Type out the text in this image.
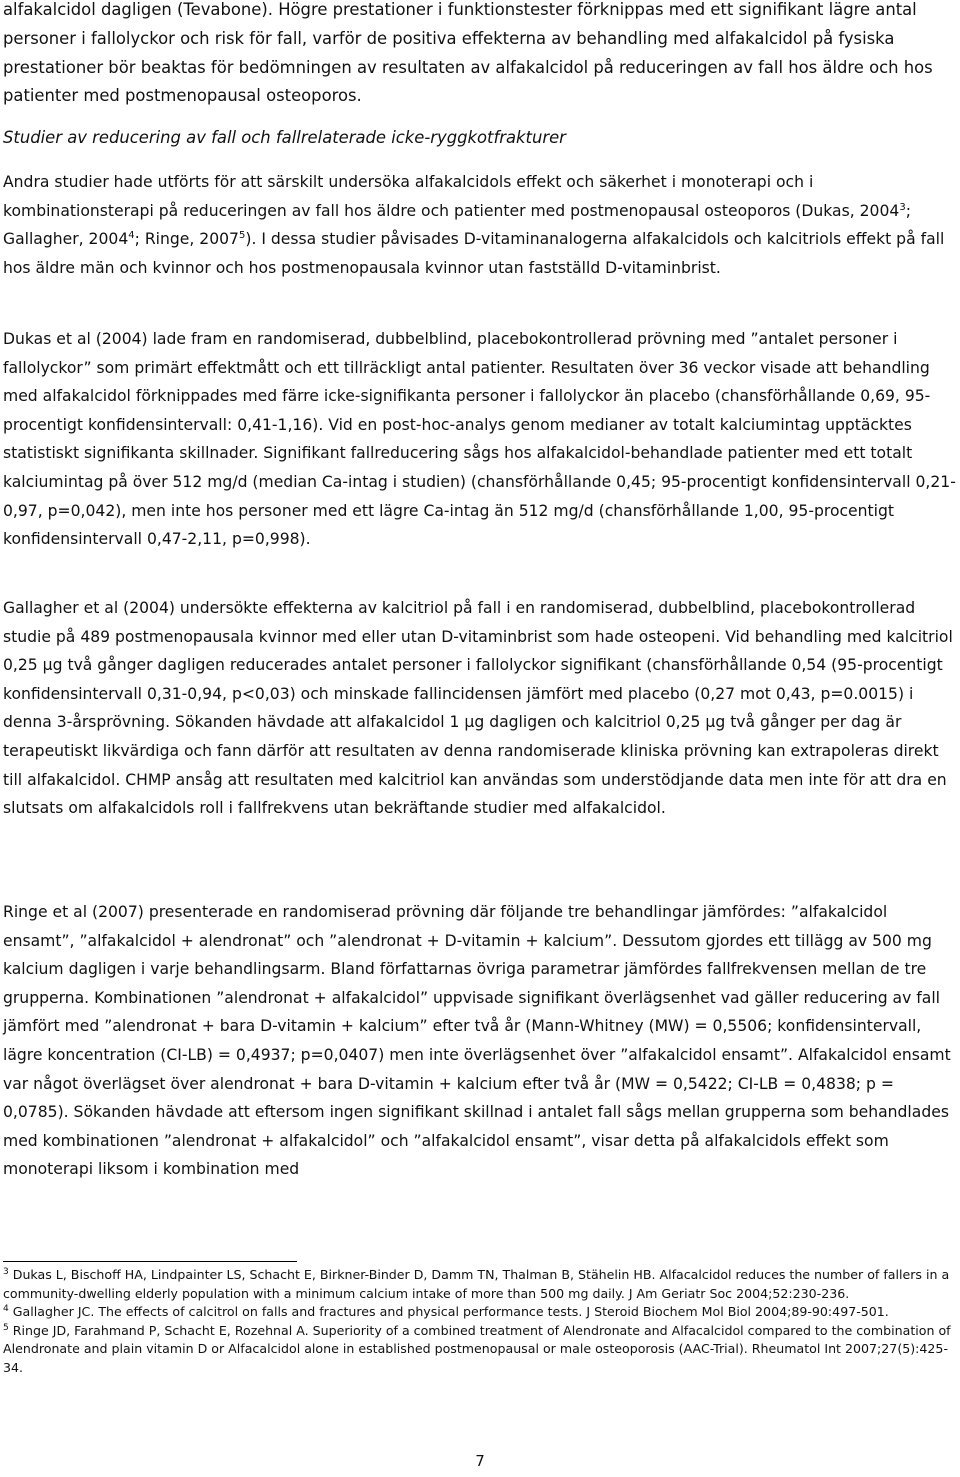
alfakalcidol dagligen (Tevabone). Högre prestationer i funktionstester förknippas med ett signifikant lägre antal personer i fallolyckor och risk för fall, varför de positiva effekterna av behandling med alfakalcidol på fysiska prestationer bör beaktas för bedömningen av resultaten av alfakalcidol på reduceringen av fall hos äldre och hos patienter med postmenopausal osteoporos.

Studier av reducering av fall och fallrelaterade icke-ryggkotfrakturer

Andra studier hade utförts för att särskilt undersöka alfakalcidols effekt och säkerhet i monoterapi och i kombinationsterapi på reduceringen av fall hos äldre och patienter med postmenopausal osteoporos (Dukas, 2004$^3$; Gallagher, 2004$^4$; Ringe, 2007$^5$). I dessa studier påvisades D-vitaminanalogerna alfakalcidols och kalcitriols effekt på fall hos äldre män och kvinnor och hos postmenopausala kvinnor utan fastställd D-vitaminbrist.

Dukas et al (2004) lade fram en randomiserad, dubbelblind, placebokontrollerad prövning med ”antalet personer i fallolyckor” som primärt effektmått och ett tillräckligt antal patienter. Resultaten över 36 veckor visade att behandling med alfakalcidol förknippades med färre icke-signifikanta personer i fallolyckor än placebo (chansförhållande 0,69, 95-procentigt konfidensintervall: 0,41-1,16). Vid en post-hoc-analys genom medianer av totalt kalciumintag upptäcktes statistiskt signifikanta skillnader. Signifikant fallreducering sågs hos alfakalcidol-behandlade patienter med ett totalt kalciumintag på över 512 mg/d (median Ca-intag i studien) (chansförhållande 0,45; 95-procentigt konfidensintervall 0,21-0,97, p=0,042), men inte hos personer med ett lägre Ca-intag än 512 mg/d (chansförhållande 1,00, 95-procentigt konfidensintervall 0,47-2,11, p=0,998).

Gallagher et al (2004) undersökte effekterna av kalcitriol på fall i en randomiserad, dubbelblind, placebokontrollerad studie på 489 postmenopausala kvinnor med eller utan D-vitaminbrist som hade osteopeni. Vid behandling med kalcitriol 0,25 µg två gånger dagligen reducerades antalet personer i fallolyckor signifikant (chansförhållande 0,54 (95-procentigt konfidensintervall 0,31-0,94, p<0,03) och minskade fallincidensen jämfört med placebo (0,27 mot 0,43, p=0.0015) i denna 3-årsprövning. Sökanden hävdade att alfakalcidol 1 µg dagligen och kalcitriol 0,25 µg två gånger per dag är terapeutiskt likvärdiga och fann därför att resultaten av denna randomiserade kliniska prövning kan extrapoleras direkt till alfakalcidol. CHMP ansåg att resultaten med kalcitriol kan användas som understödjande data men inte för att dra en slutsats om alfakalcidols roll i fallfrekvens utan bekräftande studier med alfakalcidol.

Ringe et al (2007) presenterade en randomiserad prövning där följande tre behandlingar jämfördes: ”alfakalcidol ensamt”, ”alfakalcidol + alendronat” och ”alendronat + D-vitamin + kalcium”. Dessutom gjordes ett tillägg av 500 mg kalcium dagligen i varje behandlingsarm. Bland författarnas övriga parametrar jämfördes fallfrekvensen mellan de tre grupperna. Kombinationen ”alendronat + alfakalcidol” uppvisade signifikant överlägsenhet vad gäller reducering av fall jämfört med ”alendronat + bara D-vitamin + kalcium” efter två år (Mann-Whitney (MW) = 0,5506; konfidensintervall, lägre koncentration (CI-LB) = 0,4937; p=0,0407) men inte överlägsenhet över ”alfakalcidol ensamt”. Alfakalcidol ensamt var något överlägset över alendronat + bara D-vitamin + kalcium efter två år (MW = 0,5422; CI-LB = 0,4838; p = 0,0785). Sökanden hävdade att eftersom ingen signifikant skillnad i antalet fall sågs mellan grupperna som behandlades med kombinationen ”alendronat + alfakalcidol” och ”alfakalcidol ensamt”, visar detta på alfakalcidols effekt som monoterapi liksom i kombination med

$^3$ Dukas L, Bischoff HA, Lindpainter LS, Schacht E, Birkner-Binder D, Damm TN, Thalman B, Stähelin HB. Alfacalcidol reduces the number of fallers in a community-dwelling elderly population with a minimum calcium intake of more than 500 mg daily. J Am Geriatr Soc 2004;52:230-236.

$^4$ Gallagher JC. The effects of calcitrol on falls and fractures and physical performance tests. J Steroid Biochem Mol Biol 2004;89-90:497-501.

$^5$ Ringe JD, Farahmand P, Schacht E, Rozehnal A. Superiority of a combined treatment of Alendronate and Alfacalcidol compared to the combination of Alendronate and plain vitamin D or Alfacalcidol alone in established postmenopausal or male osteoporosis (AAC-Trial). Rheumatol Int 2007;27(5):425-34.

7
